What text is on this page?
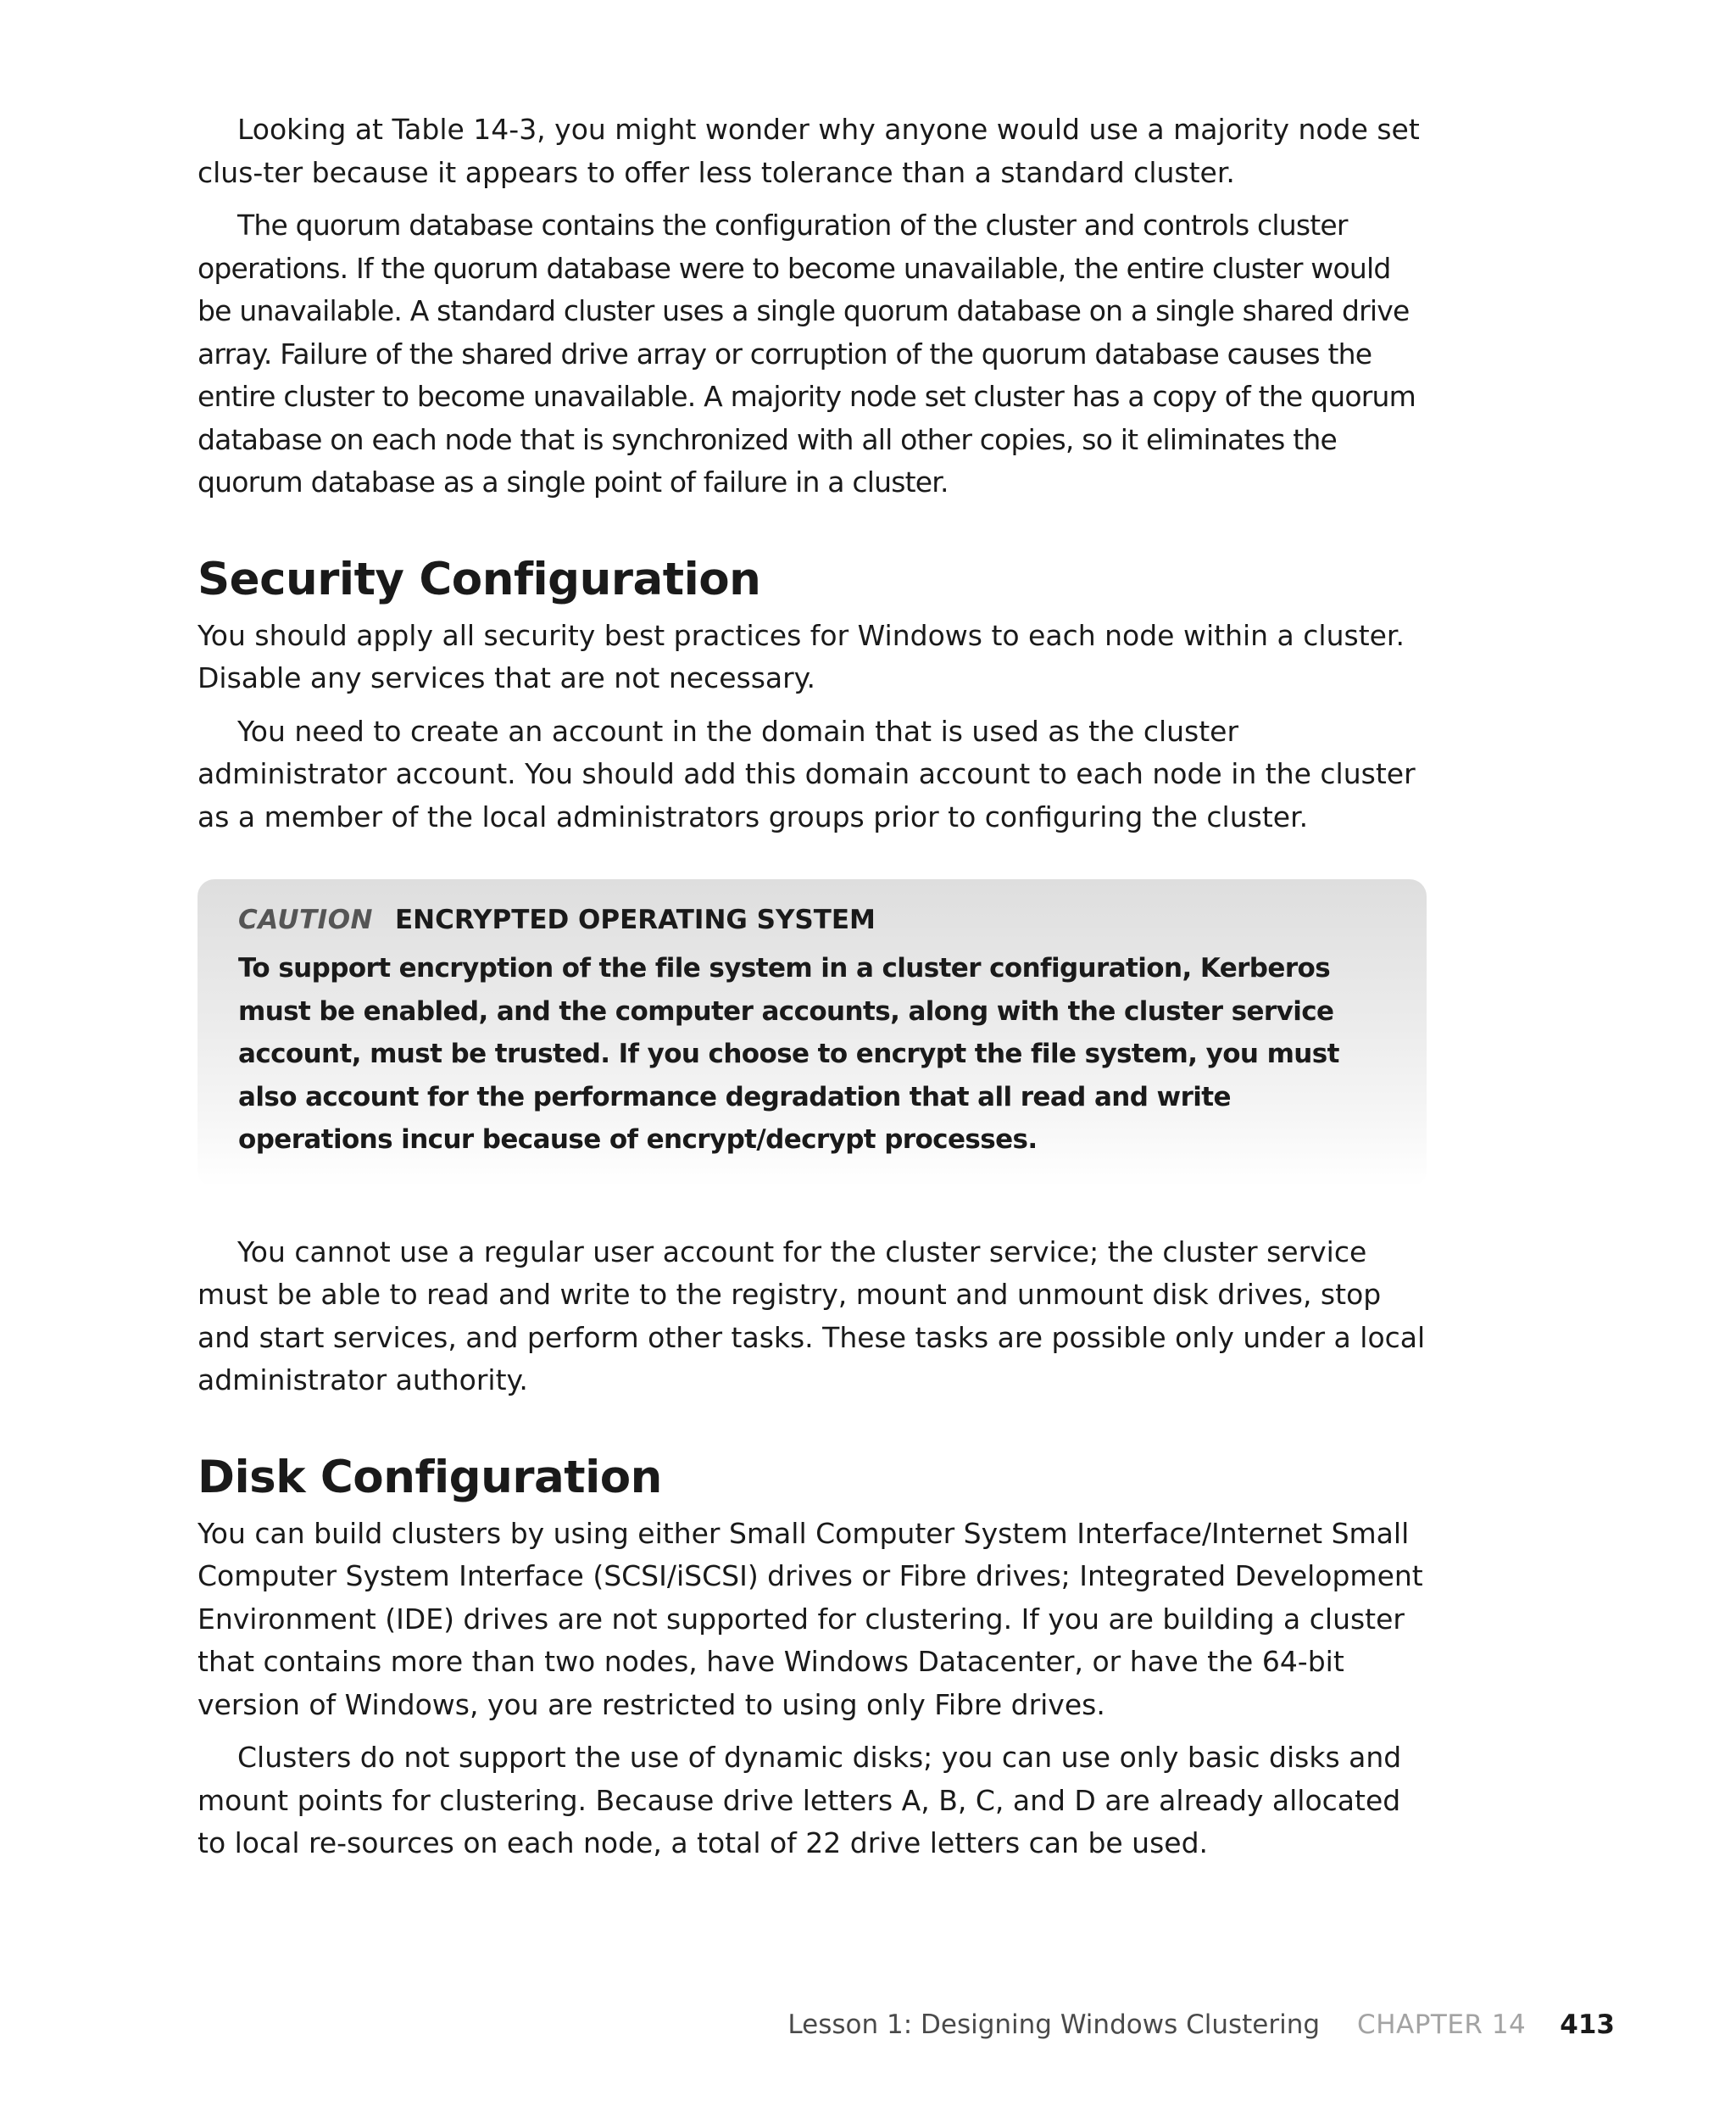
Looking at Table 14-3, you might wonder why anyone would use a majority node set clus-ter because it appears to offer less tolerance than a standard cluster.

The quorum database contains the configuration of the cluster and controls cluster operations. If the quorum database were to become unavailable, the entire cluster would be unavailable. A standard cluster uses a single quorum database on a single shared drive array. Failure of the shared drive array or corruption of the quorum database causes the entire cluster to become unavailable. A majority node set cluster has a copy of the quorum database on each node that is synchronized with all other copies, so it eliminates the quorum database as a single point of failure in a cluster.

Security Configuration

You should apply all security best practices for Windows to each node within a cluster. Disable any services that are not necessary.

You need to create an account in the domain that is used as the cluster administrator account. You should add this domain account to each node in the cluster as a member of the local administrators groups prior to configuring the cluster.

CAUTION ENCRYPTED OPERATING SYSTEM

To support encryption of the file system in a cluster configuration, Kerberos must be enabled, and the computer accounts, along with the cluster service account, must be trusted. If you choose to encrypt the file system, you must also account for the performance degradation that all read and write operations incur because of encrypt/decrypt processes.

You cannot use a regular user account for the cluster service; the cluster service must be able to read and write to the registry, mount and unmount disk drives, stop and start services, and perform other tasks. These tasks are possible only under a local administrator authority.

Disk Configuration

You can build clusters by using either Small Computer System Interface/Internet Small Computer System Interface (SCSI/iSCSI) drives or Fibre drives; Integrated Development Environment (IDE) drives are not supported for clustering. If you are building a cluster that contains more than two nodes, have Windows Datacenter, or have the 64-bit version of Windows, you are restricted to using only Fibre drives.

Clusters do not support the use of dynamic disks; you can use only basic disks and mount points for clustering. Because drive letters A, B, C, and D are already allocated to local re-sources on each node, a total of 22 drive letters can be used.

Lesson 1: Designing Windows Clustering CHAPTER 14 413
